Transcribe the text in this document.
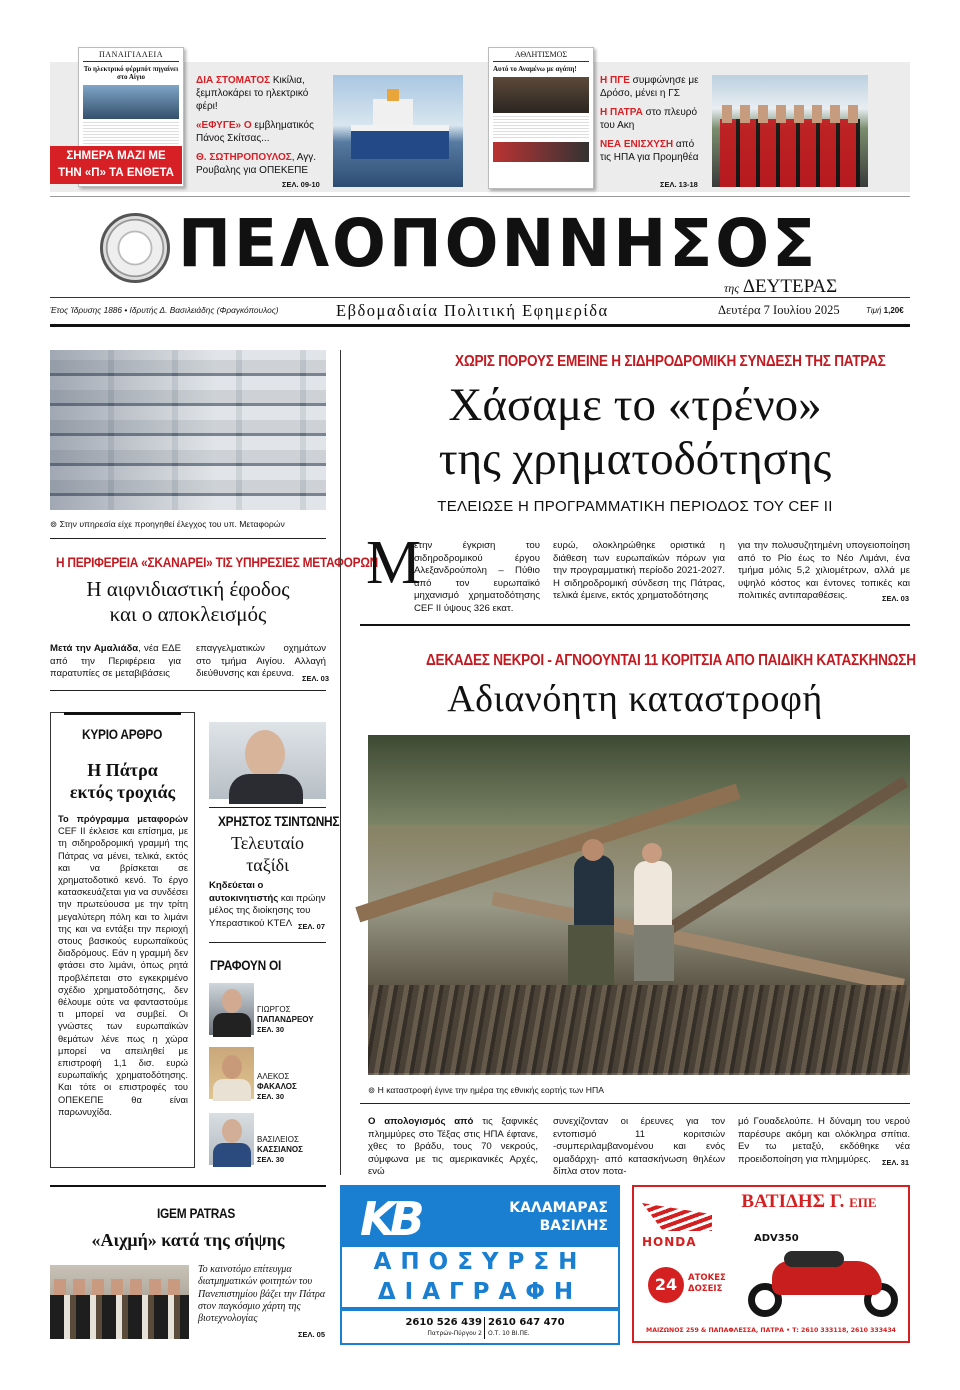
ΠΑΝΑΙΓΙΑΛΕΙΑ
Το ηλεκτρικό φέρμπότ πηγαίνει στο Αίγιο
ΣΗΜΕΡΑ ΜΑΖΙ ΜΕ
ΤΗΝ «Π» ΤΑ ΕΝΘΕΤΑ
ΔΙΑ ΣΤΟΜΑΤΟΣ Κικίλια, ξεμπλοκάρει το ηλεκτρικό φέρι!
«ΕΦΥΓΕ» Ο εμβληματικός Πάνος Σκίτσας...
Θ. ΣΩΤΗΡΟΠΟΥΛΟΣ, Αγγ. Ρουβαλης για ΟΠΕΚΕΠΕ
ΣΕΛ. 09-10
ΑΘΛΗΤΙΣΜΟΣ
Αυτό το Αναμένω με αγάπη!
Η ΠΓΕ συμφώνησε με Δρόσο, μένει η ΓΣ
Η ΠΑΤΡΑ στο πλευρό του Ακη
ΝΕΑ ΕΝΙΣΧΥΣΗ από τις ΗΠΑ για Προμηθέα
ΣΕΛ. 13-18
ΠΕΛΟΠΟΝΝΗΣΟΣ
της ΔΕΥΤΕΡΑΣ
Έτος Ίδρυσης 1886 • Ιδρυτής Δ. Βασιλειάδης (Φραγκόπουλος)	Εβδομαδιαία Πολιτική Εφημερίδα	Δευτέρα 7 Ιουλίου 2025	Τιμή 1,20€
⊚ Στην υπηρεσία είχε προηγηθεί έλεγχος του υπ. Μεταφορών
Η ΠΕΡΙΦΕΡΕΙΑ «ΣΚΑΝΑΡΕΙ» ΤΙΣ ΥΠΗΡΕΣΙΕΣ ΜΕΤΑΦΟΡΩΝ
Η αιφνιδιαστική έφοδος
και ο αποκλεισμός
Μετά την Αμαλιάδα, νέα ΕΔΕ από την Περιφέρεια για παρατυπίες σε μεταβιβάσεις
επαγγελματικών οχημάτων στο τμήμα Αιγίου. Αλλαγή διεύθυνσης και έρευνα.	ΣΕΛ. 03
ΚΥΡΙΟ ΑΡΘΡΟ
Η Πάτρα
εκτός τροχιάς
Το πρόγραμμα μεταφορών CEF II έκλεισε και επίσημα, με τη σιδηροδρομική γραμμή της Πάτρας να μένει, τελικά, εκτός και να βρίσκεται σε χρηματοδοτικό κενό. Το έργο κατασκευάζεται για να συνδέσει την πρωτεύουσα με την τρίτη μεγαλύτερη πόλη και το λιμάνι της και να εντάξει την περιοχή στους βασικούς ευρωπαϊκούς διαδρόμους. Εάν η γραμμή δεν φτάσει στο λιμάνι, όπως ρητά προβλέπεται στο εγκεκριμένο σχέδιο χρηματοδότησης, δεν θέλουμε ούτε να φανταστούμε τι μπορεί να συμβεί. Οι γνώστες των ευρωπαϊκών θεμάτων λένε πως η χώρα μπορεί να απειληθεί με επιστροφή 1,1 δισ. ευρώ ευρωπαϊκής χρηματοδότησης. Και τότε οι επιστροφές του ΟΠΕΚΕΠΕ θα είναι παρωνυχίδα.
ΧΡΗΣΤΟΣ ΤΣΙΝΤΩΝΗΣ
Τελευταίο
ταξίδι
Κηδεύεται ο αυτοκινητιστής και πρώην μέλος της διοίκησης του Υπεραστικού ΚΤΕΛ ΣΕΛ. 07
ΓΡΑΦΟΥΝ ΟΙ
ΓΙΩΡΓΟΣ
ΠΑΠΑΝΔΡΕΟΥ
ΣΕΛ. 30
ΑΛΕΚΟΣ
ΦΑΚΑΛΟΣ
ΣΕΛ. 30
ΒΑΣΙΛΕΙΟΣ
ΚΑΣΣΙΑΝΟΣ
ΣΕΛ. 30
ΧΩΡΙΣ ΠΟΡΟΥΣ ΕΜΕΙΝΕ Η ΣΙΔΗΡΟΔΡΟΜΙΚΗ ΣΥΝΔΕΣΗ ΤΗΣ ΠΑΤΡΑΣ
Χάσαμε το «τρένο»
της χρηματοδότησης
ΤΕΛΕΙΩΣΕ Η ΠΡΟΓΡΑΜΜΑΤΙΚΗ ΠΕΡΙΟΔΟΣ ΤΟΥ CEF II
Μ
ετην έγκριση του σιδηροδρομικού έργου Αλεξανδρούπολη – Πύθιο από τον ευρωπαϊκό μηχανισμό χρηματοδότησης CEF II ύψους 326 εκατ.
ευρώ, ολοκληρώθηκε οριστικά η διάθεση των ευρωπαϊκών πόρων για την προγραμματική περίοδο 2021-2027. Η σιδηροδρομική σύνδεση της Πάτρας, τελικά έμεινε, εκτός χρηματοδότησης
για την πολυσυζητημένη υπογειοποίηση από το Ρίο έως το Νέο Λιμάνι, ένα τμήμα μόλις 5,2 χιλιομέτρων, αλλά με υψηλό κόστος και έντονες τοπικές και πολιτικές αντιπαραθέσεις.	ΣΕΛ. 03
ΔΕΚΑΔΕΣ ΝΕΚΡΟΙ - ΑΓΝΟΟΥΝΤΑΙ 11 ΚΟΡΙΤΣΙΑ ΑΠΟ ΠΑΙΔΙΚΗ ΚΑΤΑΣΚΗΝΩΣΗ
Αδιανόητη καταστροφή
⊚ Η καταστροφή έγινε την ημέρα της εθνικής εορτής των ΗΠΑ
Ο απολογισμός από τις ξαφνικές πλημμύρες στο Τέξας στις ΗΠΑ έφτανε, χθες το βράδυ, τους 70 νεκρούς, σύμφωνα με τις αμερικανικές Αρχές, ενώ
συνεχίζονταν οι έρευνες για τον εντοπισμό 11 κοριτσιών -συμπεριλαμβανομένου και ενός ομαδάρχη- από κατασκήνωση θηλέων δίπλα στον ποτα-
μό Γουαδελούπε. Η δύναμη του νερού παρέσυρε ακόμη και ολόκληρα σπίτια. Εν τω μεταξύ, εκδόθηκε νέα προειδοποίηση για πλημμύρες.	ΣΕΛ. 31
IGEM PATRAS
«Αιχμή» κατά της σήψης
Το καινοτόμο επίτευγμα διατμηματικών φοιτητών του Πανεπιστημίου βάζει την Πάτρα στον παγκόσμιο χάρτη της βιοτεχνολογίας
ΣΕΛ. 05
KB	ΚΑΛΑΜΑΡΑΣ
ΒΑΣΙΛΗΣ
ΑΠΟΣΥΡΣΗ
ΔΙΑΓΡΑΦΗ
2610 526 439
Πατρών-Πύργου 2
2610 647 470
Ο.Τ. 10 ΒΙ.ΠΕ.
HONDA
ΒΑΤΙΔΗΣ Γ. ΕΠΕ
ADV350
24	ΑΤΟΚΕΣ ΔΟΣΕΙΣ
ΜΑΙΖΩΝΟΣ 259 & ΠΑΠΑΦΛΕΣΣΑ, ΠΑΤΡΑ • Τ: 2610 333118, 2610 333434
